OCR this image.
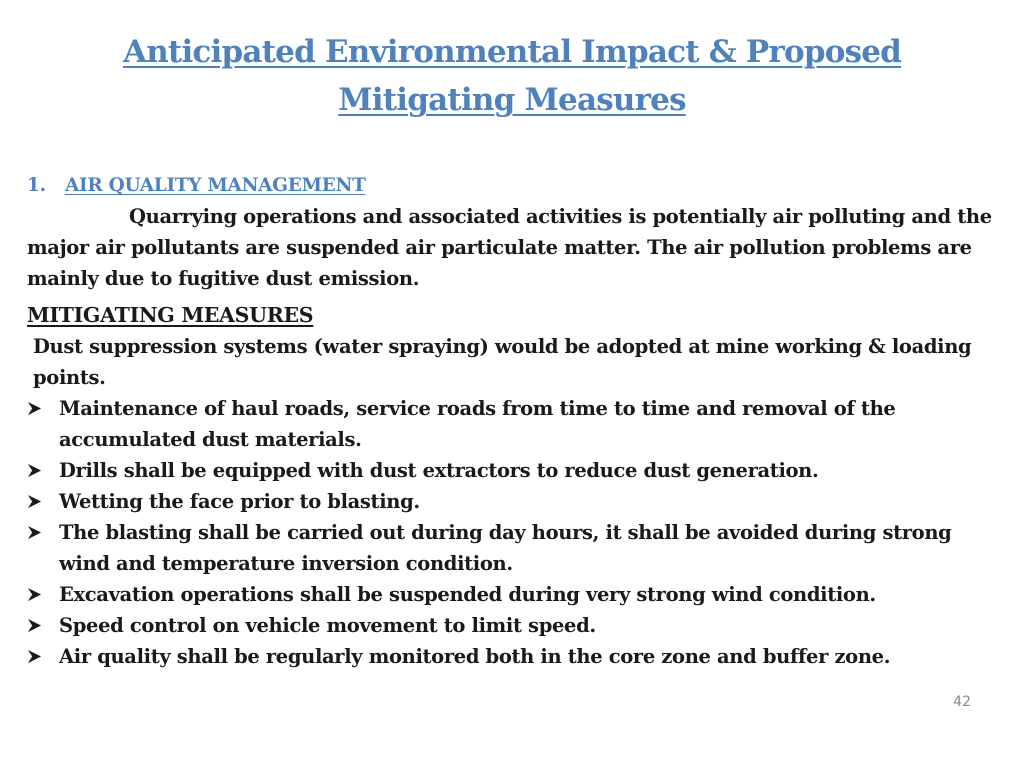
Anticipated Environmental Impact & Proposed
Mitigating Measures
1. AIR QUALITY MANAGEMENT

Quarrying operations and associated activities is potentially air polluting and the major air pollutants are suspended air particulate matter. The air pollution problems are mainly due to fugitive dust emission.

MITIGATING MEASURES

Dust suppression systems (water spraying) would be adopted at mine working & loading points.

Maintenance of haul roads, service roads from time to time and removal of the accumulated dust materials.
Drills shall be equipped with dust extractors to reduce dust generation.
Wetting the face prior to blasting.
The blasting shall be carried out during day hours, it shall be avoided during strong wind and temperature inversion condition.
Excavation operations shall be suspended during very strong wind condition.
Speed control on vehicle movement to limit speed.
Air quality shall be regularly monitored both in the core zone and buffer zone.
42
